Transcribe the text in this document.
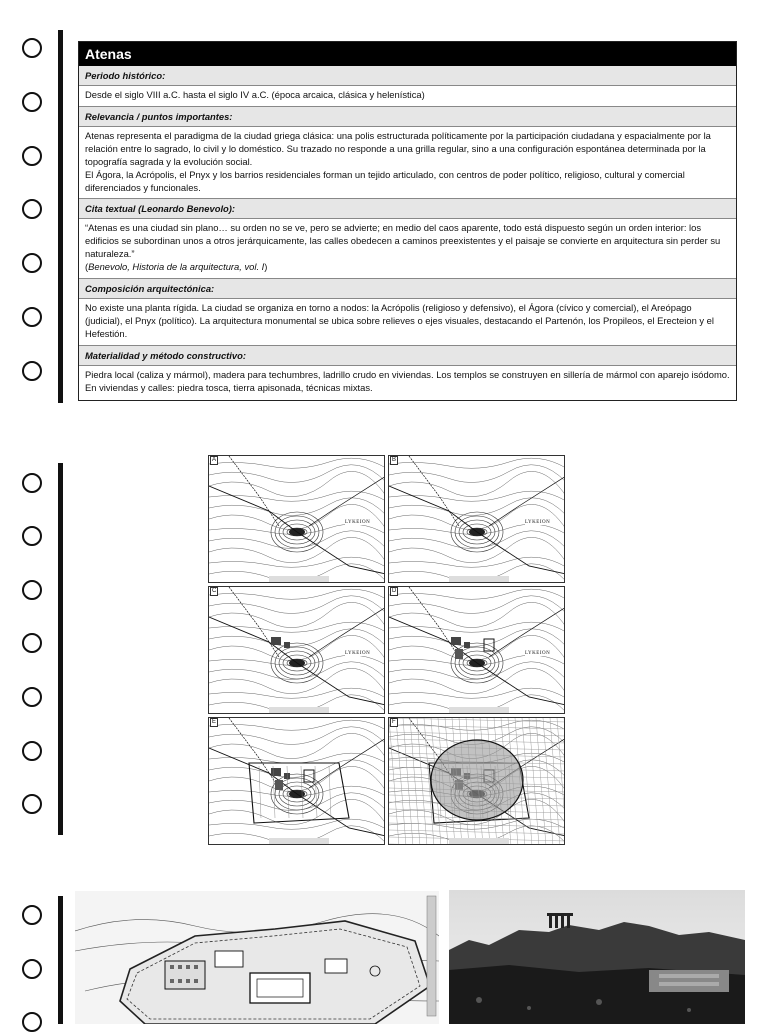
Atenas
Periodo histórico:

Desde el siglo VIII a.C. hasta el siglo IV a.C. (época arcaica, clásica y helenística)

Relevancia / puntos importantes:

Atenas representa el paradigma de la ciudad griega clásica: una polis estructurada políticamente por la participación ciudadana y espacialmente por la relación entre lo sagrado, lo civil y lo doméstico. Su trazado no responde a una grilla regular, sino a una configuración espontánea determinada por la topografía sagrada y la evolución social.

El Ágora, la Acrópolis, el Pnyx y los barrios residenciales forman un tejido articulado, con centros de poder político, religioso, cultural y comercial diferenciados y funcionales.

Cita textual (Leonardo Benevolo):

“Atenas es una ciudad sin plano… su orden no se ve, pero se advierte; en medio del caos aparente, todo está dispuesto según un orden interior: los edificios se subordinan unos a otros jerárquicamente, las calles obedecen a caminos preexistentes y el paisaje se convierte en arquitectura sin perder su naturaleza.”

(Benevolo, Historia de la arquitectura, vol. I)

Composición arquitectónica:

No existe una planta rígida. La ciudad se organiza en torno a nodos: la Acrópolis (religioso y defensivo), el Ágora (cívico y comercial), el Areópago (judicial), el Pnyx (político). La arquitectura monumental se ubica sobre relieves o ejes visuales, destacando el Partenón, los Propileos, el Erecteion y el Hefestión.

Materialidad y método constructivo:

Piedra local (caliza y mármol), madera para techumbres, ladrillo crudo en viviendas. Los templos se construyen en sillería de mármol con aparejo isódomo. En viviendas y calles: piedra tosca, tierra apisonada, técnicas mixtas.

A
LYKEION
B
LYKEION
C
LYKEION
D
LYKEION
E	F
